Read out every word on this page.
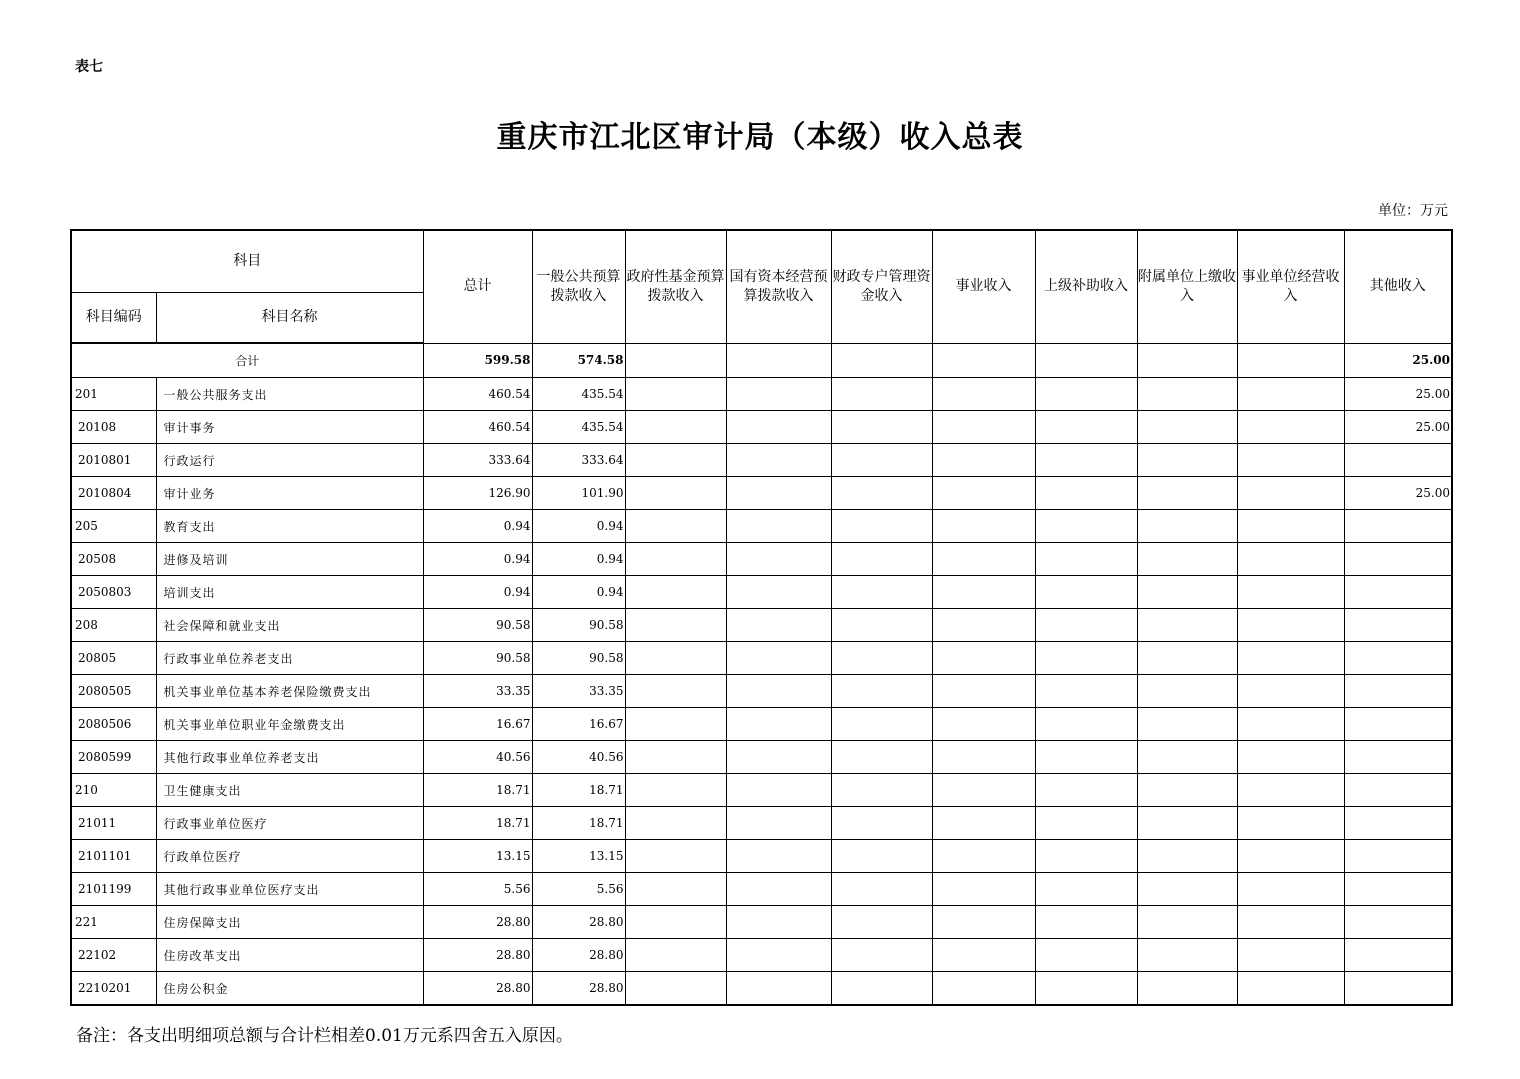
表七
重庆市江北区审计局（本级）收入总表
单位：万元
科目		总计	一般公共预算拨款收入	政府性基金预算拨款收入	国有资本经营预算拨款收入	财政专户管理资金收入	事业收入	上级补助收入	附属单位上缴收入	事业单位经营收入	其他收入
科目编码	科目名称										
合计		599.58	574.58								25.00
201	一般公共服务支出	460.54	435.54								25.00
20108	审计事务	460.54	435.54								25.00
2010801	行政运行	333.64	333.64								
2010804	审计业务	126.90	101.90								25.00
205	教育支出	0.94	0.94								
20508	进修及培训	0.94	0.94								
2050803	培训支出	0.94	0.94								
208	社会保障和就业支出	90.58	90.58								
20805	行政事业单位养老支出	90.58	90.58								
2080505	机关事业单位基本养老保险缴费支出	33.35	33.35								
2080506	机关事业单位职业年金缴费支出	16.67	16.67								
2080599	其他行政事业单位养老支出	40.56	40.56								
210	卫生健康支出	18.71	18.71								
21011	行政事业单位医疗	18.71	18.71								
2101101	行政单位医疗	13.15	13.15								
2101199	其他行政事业单位医疗支出	5.56	5.56								
221	住房保障支出	28.80	28.80								
22102	住房改革支出	28.80	28.80								
2210201	住房公积金	28.80	28.80								
备注：各支出明细项总额与合计栏相差0.01万元系四舍五入原因。
